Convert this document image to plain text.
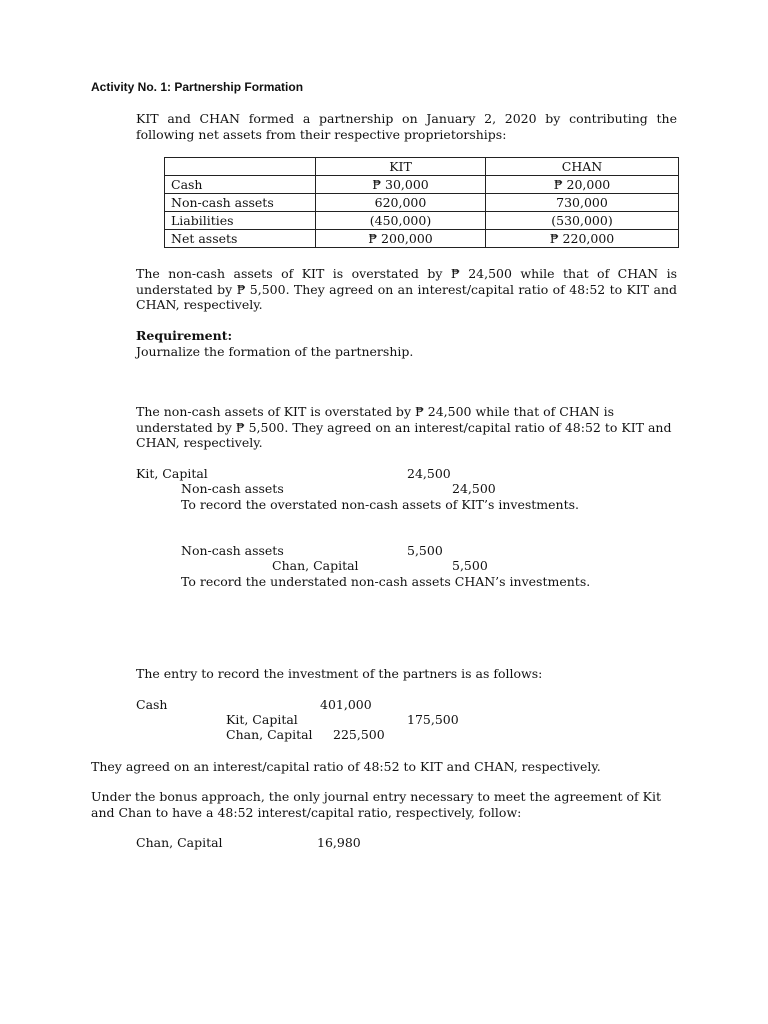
Activity No. 1: Partnership Formation
KIT and CHAN formed a partnership on January 2, 2020 by contributing the following net assets from their respective proprietorships:
	KIT	CHAN
Cash	₱ 30,000	₱ 20,000
Non-cash assets	620,000	730,000
Liabilities	(450,000)	(530,000)
Net assets	₱ 200,000	₱ 220,000
The non-cash assets of KIT is overstated by ₱ 24,500 while that of CHAN is understated by ₱ 5,500. They agreed on an interest/capital ratio of 48:52 to KIT and CHAN, respectively.
Requirement:
Journalize the formation of the partnership.
The non-cash assets of KIT is overstated by ₱ 24,500 while that of CHAN is understated by ₱ 5,500. They agreed on an interest/capital ratio of 48:52 to KIT and CHAN, respectively.
Kit, Capital	24,500
Non-cash assets	24,500
To record the overstated non-cash assets of KIT’s investments.
Non-cash assets	5,500
Chan, Capital	5,500
To record the understated non-cash assets CHAN’s investments.
The entry to record the investment of the partners is as follows:
Cash	401,000
Kit, Capital	175,500
Chan, Capital 225,500
They agreed on an interest/capital ratio of 48:52 to KIT and CHAN, respectively.
Under the bonus approach, the only journal entry necessary to meet the agreement of Kit and Chan to have a 48:52 interest/capital ratio, respectively, follow:
Chan, Capital	16,980
